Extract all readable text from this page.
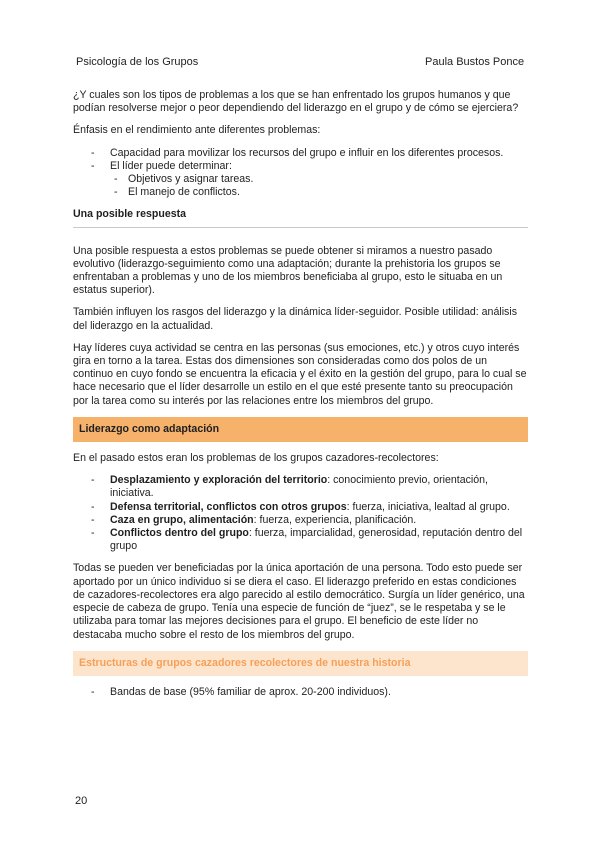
Psicología de los Grupos	Paula Bustos Ponce

¿Y cuales son los tipos de problemas a los que se han enfrentado los grupos humanos y que podían resolverse mejor o peor dependiendo del liderazgo en el grupo y de cómo se ejerciera?

Énfasis en el rendimiento ante diferentes problemas:

- Capacidad para movilizar los recursos del grupo e influir en los diferentes procesos.
- El líder puede determinar:
- Objetivos y asignar tareas.
- El manejo de conflictos.
Una posible respuesta

Una posible respuesta a estos problemas se puede obtener si miramos a nuestro pasado evolutivo (liderazgo-seguimiento como una adaptación; durante la prehistoria los grupos se enfrentaban a problemas y uno de los miembros beneficiaba al grupo, esto le situaba en un estatus superior).

También influyen los rasgos del liderazgo y la dinámica líder-seguidor. Posible utilidad: análisis del liderazgo en la actualidad.

Hay líderes cuya actividad se centra en las personas (sus emociones, etc.) y otros cuyo interés gira en torno a la tarea. Estas dos dimensiones son consideradas como dos polos de un continuo en cuyo fondo se encuentra la eficacia y el éxito en la gestión del grupo, para lo cual se hace necesario que el líder desarrolle un estilo en el que esté presente tanto su preocupación por la tarea como su interés por las relaciones entre los miembros del grupo.

Liderazgo como adaptación

En el pasado estos eran los problemas de los grupos cazadores-recolectores:

- Desplazamiento y exploración del territorio: conocimiento previo, orientación, iniciativa.
- Defensa territorial, conflictos con otros grupos: fuerza, iniciativa, lealtad al grupo.
- Caza en grupo, alimentación: fuerza, experiencia, planificación.
- Conflictos dentro del grupo: fuerza, imparcialidad, generosidad, reputación dentro del grupo

Todas se pueden ver beneficiadas por la única aportación de una persona. Todo esto puede ser aportado por un único individuo si se diera el caso. El liderazgo preferido en estas condiciones de cazadores-recolectores era algo parecido al estilo democrático. Surgía un líder genérico, una especie de cabeza de grupo. Tenía una especie de función de “juez”, se le respetaba y se le utilizaba para tomar las mejores decisiones para el grupo. El beneficio de este líder no destacaba mucho sobre el resto de los miembros del grupo.

Estructuras de grupos cazadores recolectores de nuestra historia
- Bandas de base (95% familiar de aprox. 20-200 individuos).
20
